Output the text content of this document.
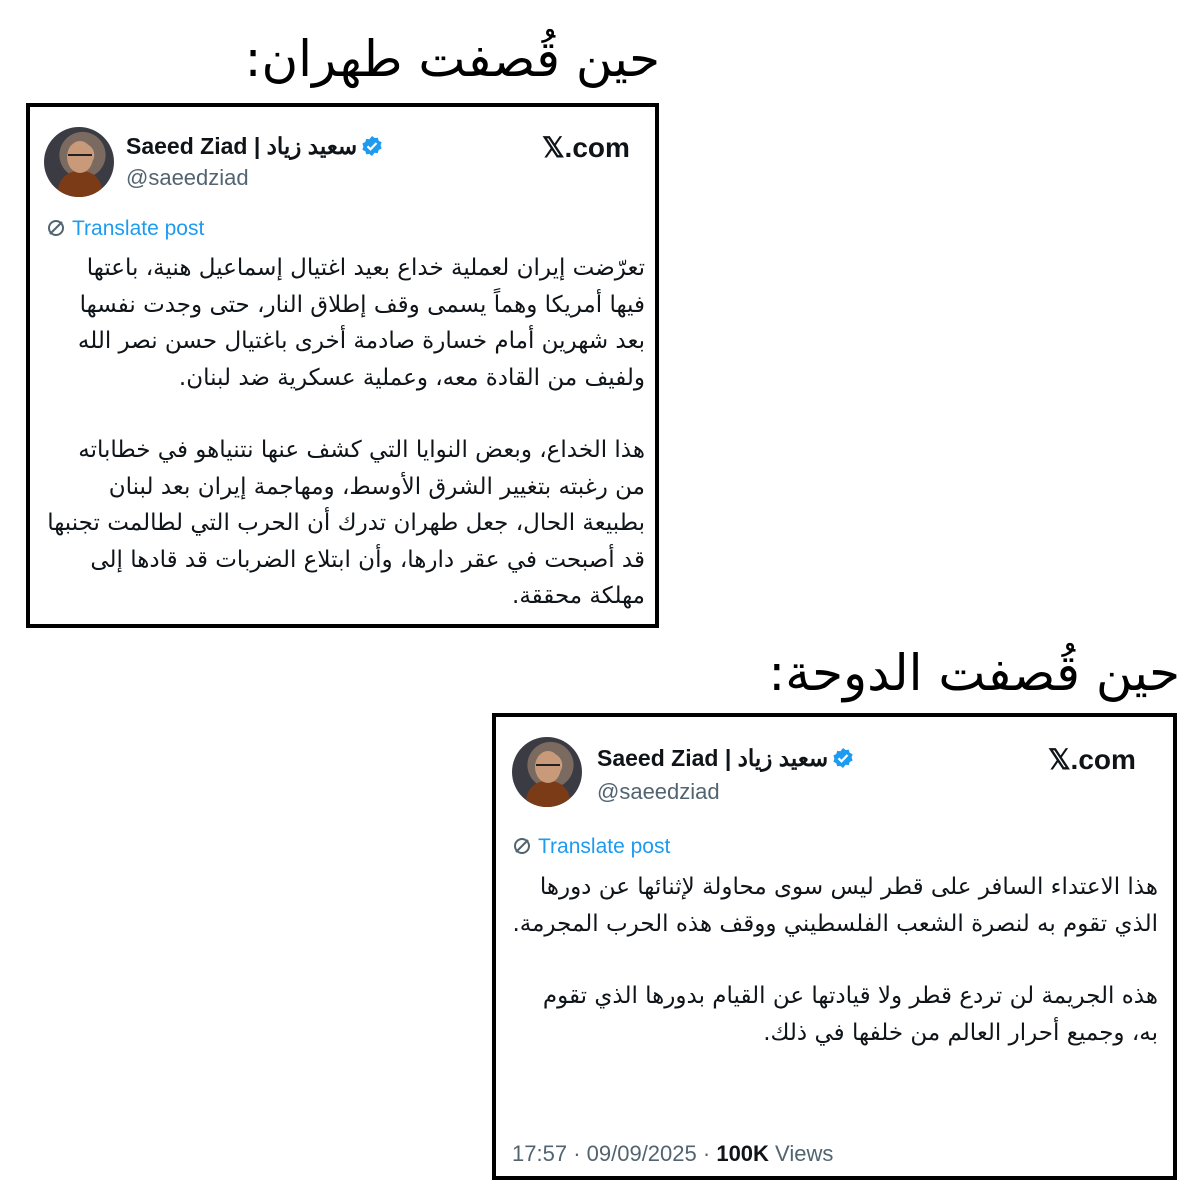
حين قُصفت طهران:
Saeed Ziad | سعيد زياد
@saeedziad
𝕏.com
Translate post

تعرّضت إيران لعملية خداع بعيد اغتيال إسماعيل هنية، باعتها فيها أمريكا وهماً يسمى وقف إطلاق النار، حتى وجدت نفسها بعد شهرين أمام خسارة صادمة أخرى باغتيال حسن نصر الله ولفيف من القادة معه، وعملية عسكرية ضد لبنان.

هذا الخداع، وبعض النوايا التي كشف عنها نتنياهو في خطاباته من رغبته بتغيير الشرق الأوسط، ومهاجمة إيران بعد لبنان بطبيعة الحال، جعل طهران تدرك أن الحرب التي لطالمت تجنبها قد أصبحت في عقر دارها، وأن ابتلاع الضربات قد قادها إلى مهلكة محققة.

حين قُصفت الدوحة:
Saeed Ziad | سعيد زياد
@saeedziad
𝕏.com
Translate post

هذا الاعتداء السافر على قطر ليس سوى محاولة لإثنائها عن دورها الذي تقوم به لنصرة الشعب الفلسطيني ووقف هذه الحرب المجرمة.

هذه الجريمة لن تردع قطر ولا قيادتها عن القيام بدورها الذي تقوم به، وجميع أحرار العالم من خلفها في ذلك.

17:57 · 09/09/2025 · 100K Views
